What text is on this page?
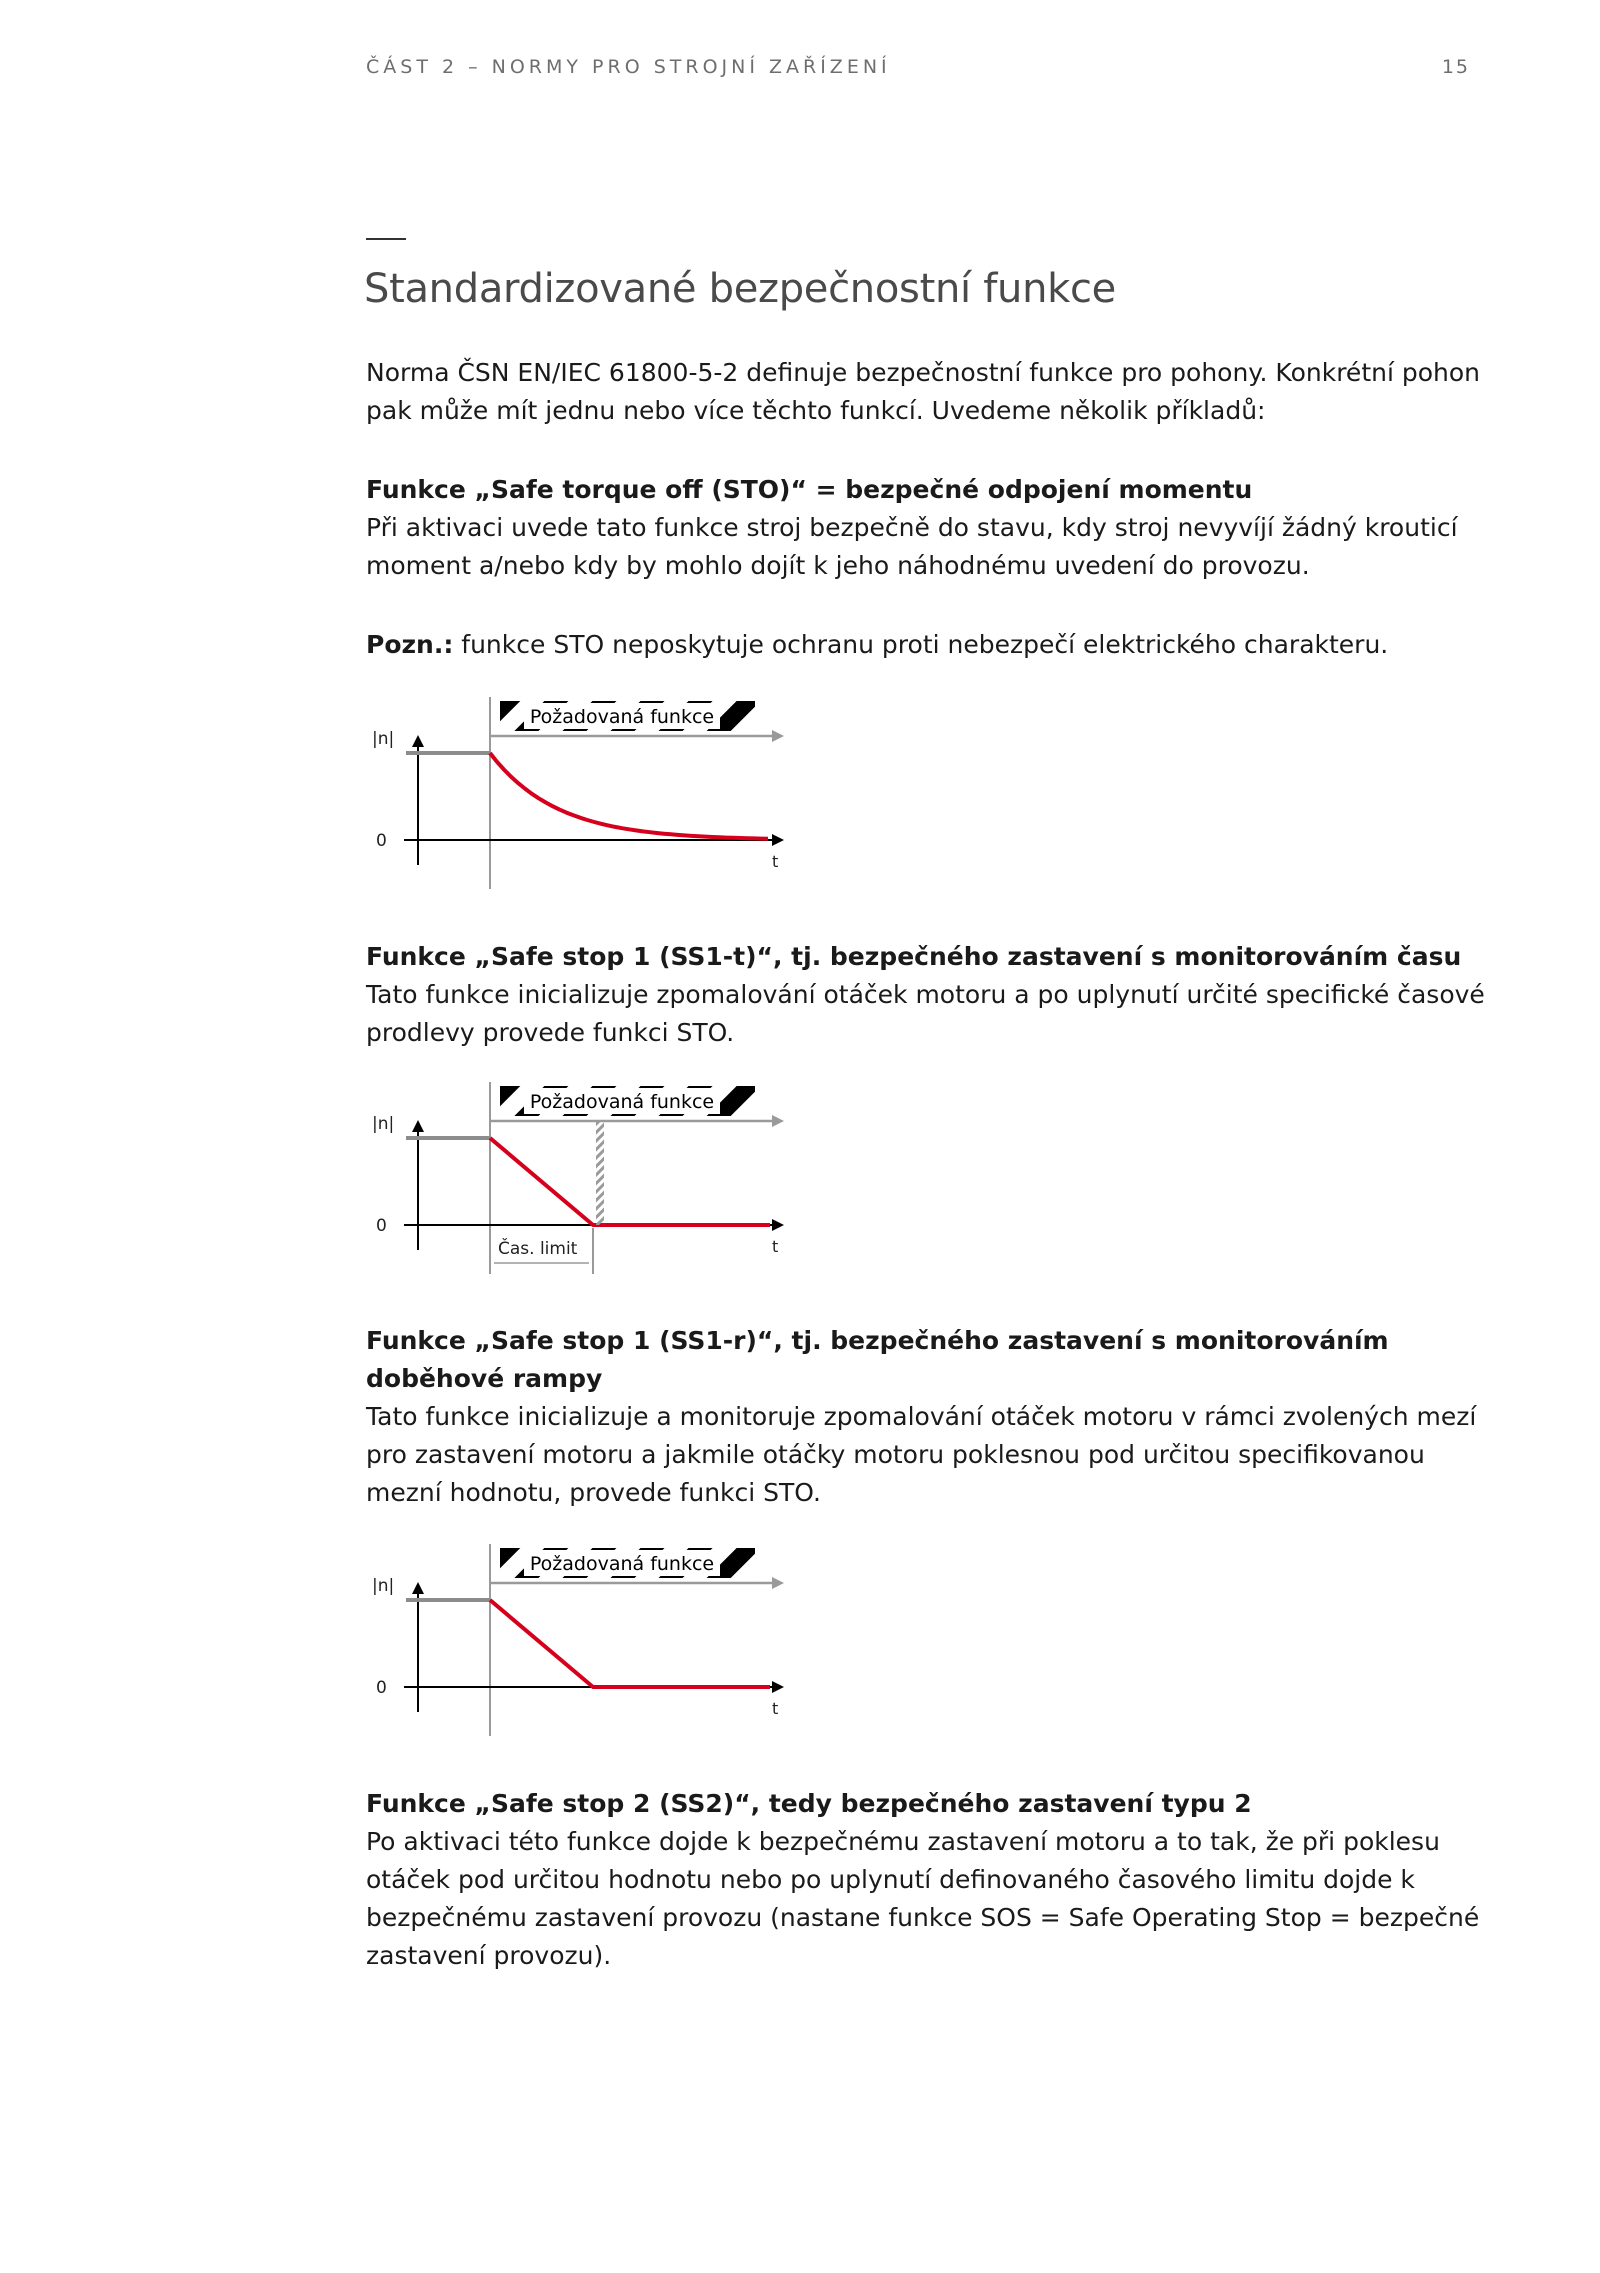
ČÁST 2 – NORMY PRO STROJNÍ ZAŘÍZENÍ	15
Standardizované bezpečnostní funkce

Norma ČSN EN/IEC 61800-5-2 definuje bezpečnostní funkce pro pohony. Konkrétní pohon pak může mít jednu nebo více těchto funkcí. Uvedeme několik příkladů:

Funkce „Safe torque off (STO)“ = bezpečné odpojení momentu
Při aktivaci uvede tato funkce stroj bezpečně do stavu, kdy stroj nevyvíjí žádný krouticí moment a/nebo kdy by mohlo dojít k jeho náhodnému uvedení do provozu.

Pozn.: funkce STO neposkytuje ochranu proti nebezpečí elektrického charakteru.

Požadovaná funkce
|n|
0
t

Funkce „Safe stop 1 (SS1-t)“, tj. bezpečného zastavení s monitorováním času
Tato funkce inicializuje zpomalování otáček motoru a po uplynutí určité specifické časové prodlevy provede funkci STO.

Požadovaná funkce
|n|
0
t
Čas. limit

Funkce „Safe stop 1 (SS1-r)“, tj. bezpečného zastavení s monitorováním doběhové rampy
Tato funkce inicializuje a monitoruje zpomalování otáček motoru v rámci zvolených mezí pro zastavení motoru a jakmile otáčky motoru poklesnou pod určitou specifikovanou mezní hodnotu, provede funkci STO.

Požadovaná funkce
|n|
0
t

Funkce „Safe stop 2 (SS2)“, tedy bezpečného zastavení typu 2
Po aktivaci této funkce dojde k bezpečnému zastavení motoru a to tak, že při poklesu otáček pod určitou hodnotu nebo po uplynutí definovaného časového limitu dojde k bezpečnému zastavení provozu (nastane funkce SOS = Safe Operating Stop = bezpečné zastavení provozu).
